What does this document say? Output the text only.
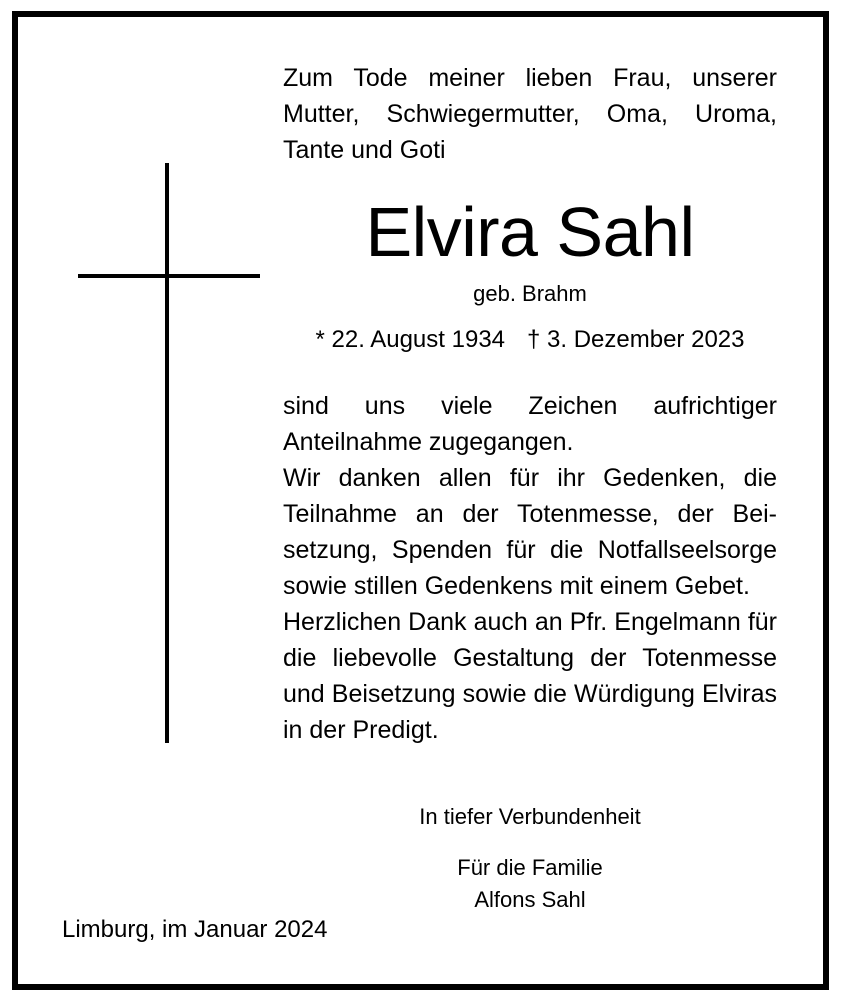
Zum Tode meiner lieben Frau, unserer Mutter, Schwiegermutter, Oma, Uroma, Tante und Goti
Elvira Sahl
geb. Brahm
* 22. August 1934 † 3. Dezember 2023
sind uns viele Zeichen aufrichtiger Anteilnahme zugegangen.
Wir danken allen für ihr Gedenken, die Teilnahme an der Totenmesse, der Bei-setzung, Spenden für die Notfallseelsorge sowie stillen Gedenkens mit einem Gebet.
Herzlichen Dank auch an Pfr. Engelmann für die liebevolle Gestaltung der Totenmesse und Beisetzung sowie die Würdigung Elviras in der Predigt.
In tiefer Verbundenheit
Für die Familie
Alfons Sahl
Limburg, im Januar 2024
